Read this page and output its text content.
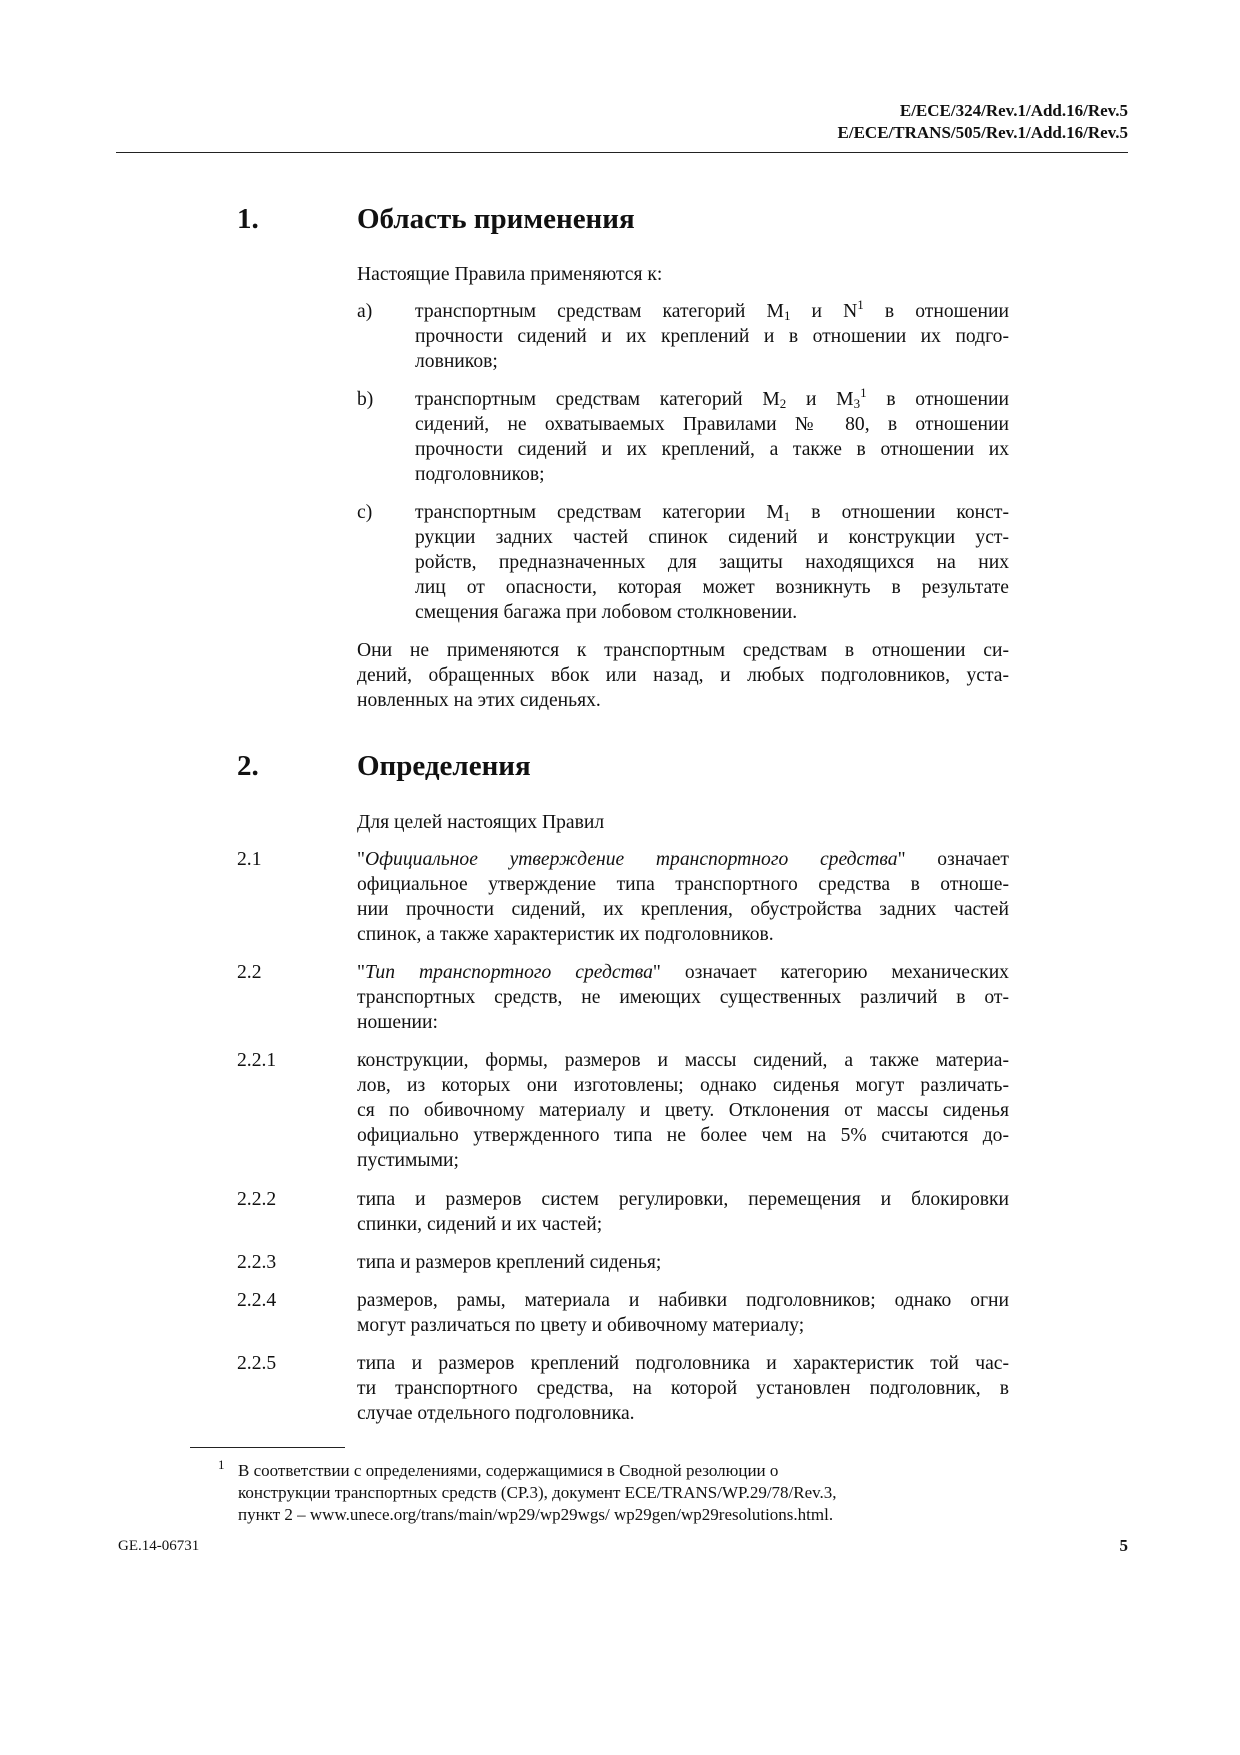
E/ECE/324/Rev.1/Add.16/Rev.5
E/ECE/TRANS/505/Rev.1/Add.16/Rev.5
1.	Область применения
Настоящие Правила применяются к:
a) транспортным средствам категорий $M_1$ и $N^1$ в отношении
прочности сидений и их креплений и в отношении их подго-
ловников;
b) транспортным средствам категорий $M_2$ и $M_3^1$ в отношении
сидений, не охватываемых Правилами № 80, в отношении
прочности сидений и их креплений, а также в отношении их
подголовников;
c) транспортным средствам категории $M_1$ в отношении конст-
рукции задних частей спинок сидений и конструкции уст-
ройств, предназначенных для защиты находящихся на них
лиц от опасности, которая может возникнуть в результате
смещения багажа при лобовом столкновении.
Они не применяются к транспортным средствам в отношении си-
дений, обращенных вбок или назад, и любых подголовников, уста-
новленных на этих сиденьях.
2.	Определения
Для целей настоящих Правил
2.1	"Официальное утверждение транспортного средства" означает
официальное утверждение типа транспортного средства в отноше-
нии прочности сидений, их крепления, обустройства задних частей
спинок, а также характеристик их подголовников.
2.2	"Тип транспортного средства" означает категорию механических
транспортных средств, не имеющих существенных различий в от-
ношении:
2.2.1	конструкции, формы, размеров и массы сидений, а также материа-
лов, из которых они изготовлены; однако сиденья могут различать-
ся по обивочному материалу и цвету. Отклонения от массы сиденья
официально утвержденного типа не более чем на 5% считаются до-
пустимыми;
2.2.2	типа и размеров систем регулировки, перемещения и блокировки
спинки, сидений и их частей;
2.2.3	типа и размеров креплений сиденья;
2.2.4	размеров, рамы, материала и набивки подголовников; однако огни
могут различаться по цвету и обивочному материалу;
2.2.5	типа и размеров креплений подголовника и характеристик той час-
ти транспортного средства, на которой установлен подголовник, в
случае отдельного подголовника.
1 В соответствии с определениями, содержащимися в Сводной резолюции о
конструкции транспортных средств (СР.3), документ ECE/TRANS/WP.29/78/Rev.3,
пункт 2 – www.unece.org/trans/main/wp29/wp29wgs/ wp29gen/wp29resolutions.html.
GE.14-06731	5
